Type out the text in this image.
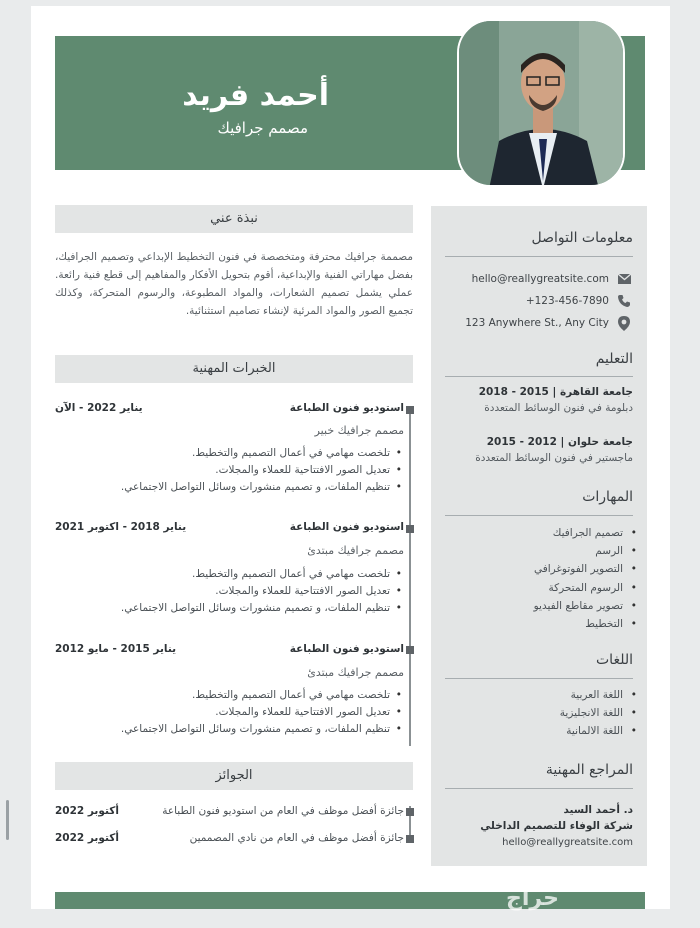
أحمد فريد
مصمم جرافيك
معلومات التواصل
hello@reallygreatsite.com
+123-456-7890
123 Anywhere St., Any City
التعليم
جامعة القاهرة | 2015 - 2018
دبلومة في فنون الوسائط المتعددة
جامعة حلوان | 2012 - 2015
ماجستير في فنون الوسائط المتعددة
المهارات
• تصميم الجرافيك
• الرسم
• التصوير الفوتوغرافي
• الرسوم المتحركة
• تصوير مقاطع الفيديو
• التخطيط
اللغات
• اللغة العربية
• اللغة الانجليزية
• اللغة الالمانية
المراجع المهنية
د. أحمد السيد
شركة الوفاء للتصميم الداخلي
hello@reallygreatsite.com
نبذة عني
مصممة جرافيك محترفة ومتخصصة في فنون التخطيط الإبداعي وتصميم الجرافيك، بفضل مهاراتي الفنية والإبداعية، أقوم بتحويل الأفكار والمفاهيم إلى قطع فنية رائعة. عملي يشمل تصميم الشعارات، والمواد المطبوعة، والرسوم المتحركة، وكذلك تجميع الصور والمواد المرئية لإنشاء تصاميم استثنائية.
الخبرات المهنية
استوديو فنون الطباعة
يناير 2022 - الآن
مصمم جرافيك خبير
• تلخصت مهامي في أعمال التصميم والتخطيط.
• تعديل الصور الافتتاحية للعملاء والمجلات.
• تنظيم الملفات، و تصميم منشورات وسائل التواصل الاجتماعي.
استوديو فنون الطباعة
يناير 2018 - اكتوبر 2021
مصمم جرافيك مبتدئ
• تلخصت مهامي في أعمال التصميم والتخطيط.
• تعديل الصور الافتتاحية للعملاء والمجلات.
• تنظيم الملفات، و تصميم منشورات وسائل التواصل الاجتماعي.
استوديو فنون الطباعة
يناير 2015 - مايو 2012
مصمم جرافيك مبتدئ
• تلخصت مهامي في أعمال التصميم والتخطيط.
• تعديل الصور الافتتاحية للعملاء والمجلات.
• تنظيم الملفات، و تصميم منشورات وسائل التواصل الاجتماعي.
الجوائز
جائزة أفضل موظف في العام من استوديو فنون الطباعة
أكتوبر 2022
جائزة أفضل موظف في العام من نادي المصممين
أكتوبر 2022
حراج
